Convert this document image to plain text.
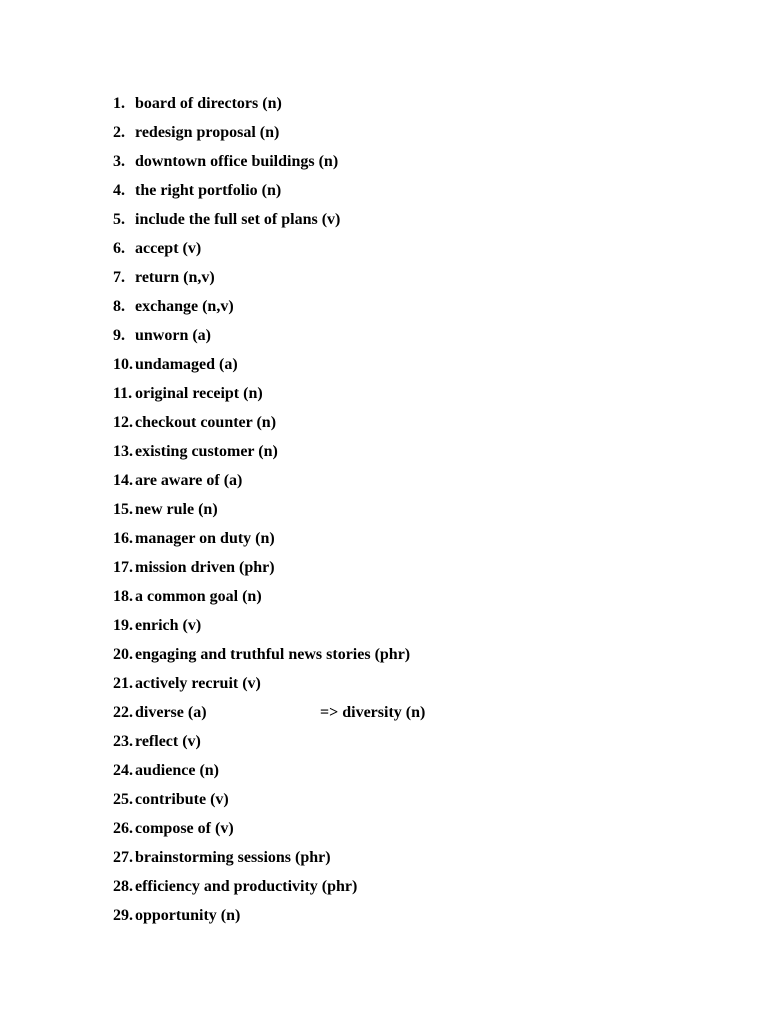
1. board of directors (n)
2. redesign proposal (n)
3. downtown office buildings (n)
4. the right portfolio (n)
5. include the full set of plans (v)
6. accept (v)
7. return (n,v)
8. exchange (n,v)
9. unworn (a)
10. undamaged (a)
11. original receipt (n)
12. checkout counter (n)
13. existing customer (n)
14. are aware of (a)
15. new rule (n)
16. manager on duty (n)
17. mission driven (phr)
18. a common goal (n)
19. enrich (v)
20. engaging and truthful news stories (phr)
21. actively recruit (v)
22. diverse (a)	=> diversity (n)
23. reflect (v)
24. audience (n)
25. contribute (v)
26. compose of (v)
27. brainstorming sessions (phr)
28. efficiency and productivity (phr)
29. opportunity (n)
